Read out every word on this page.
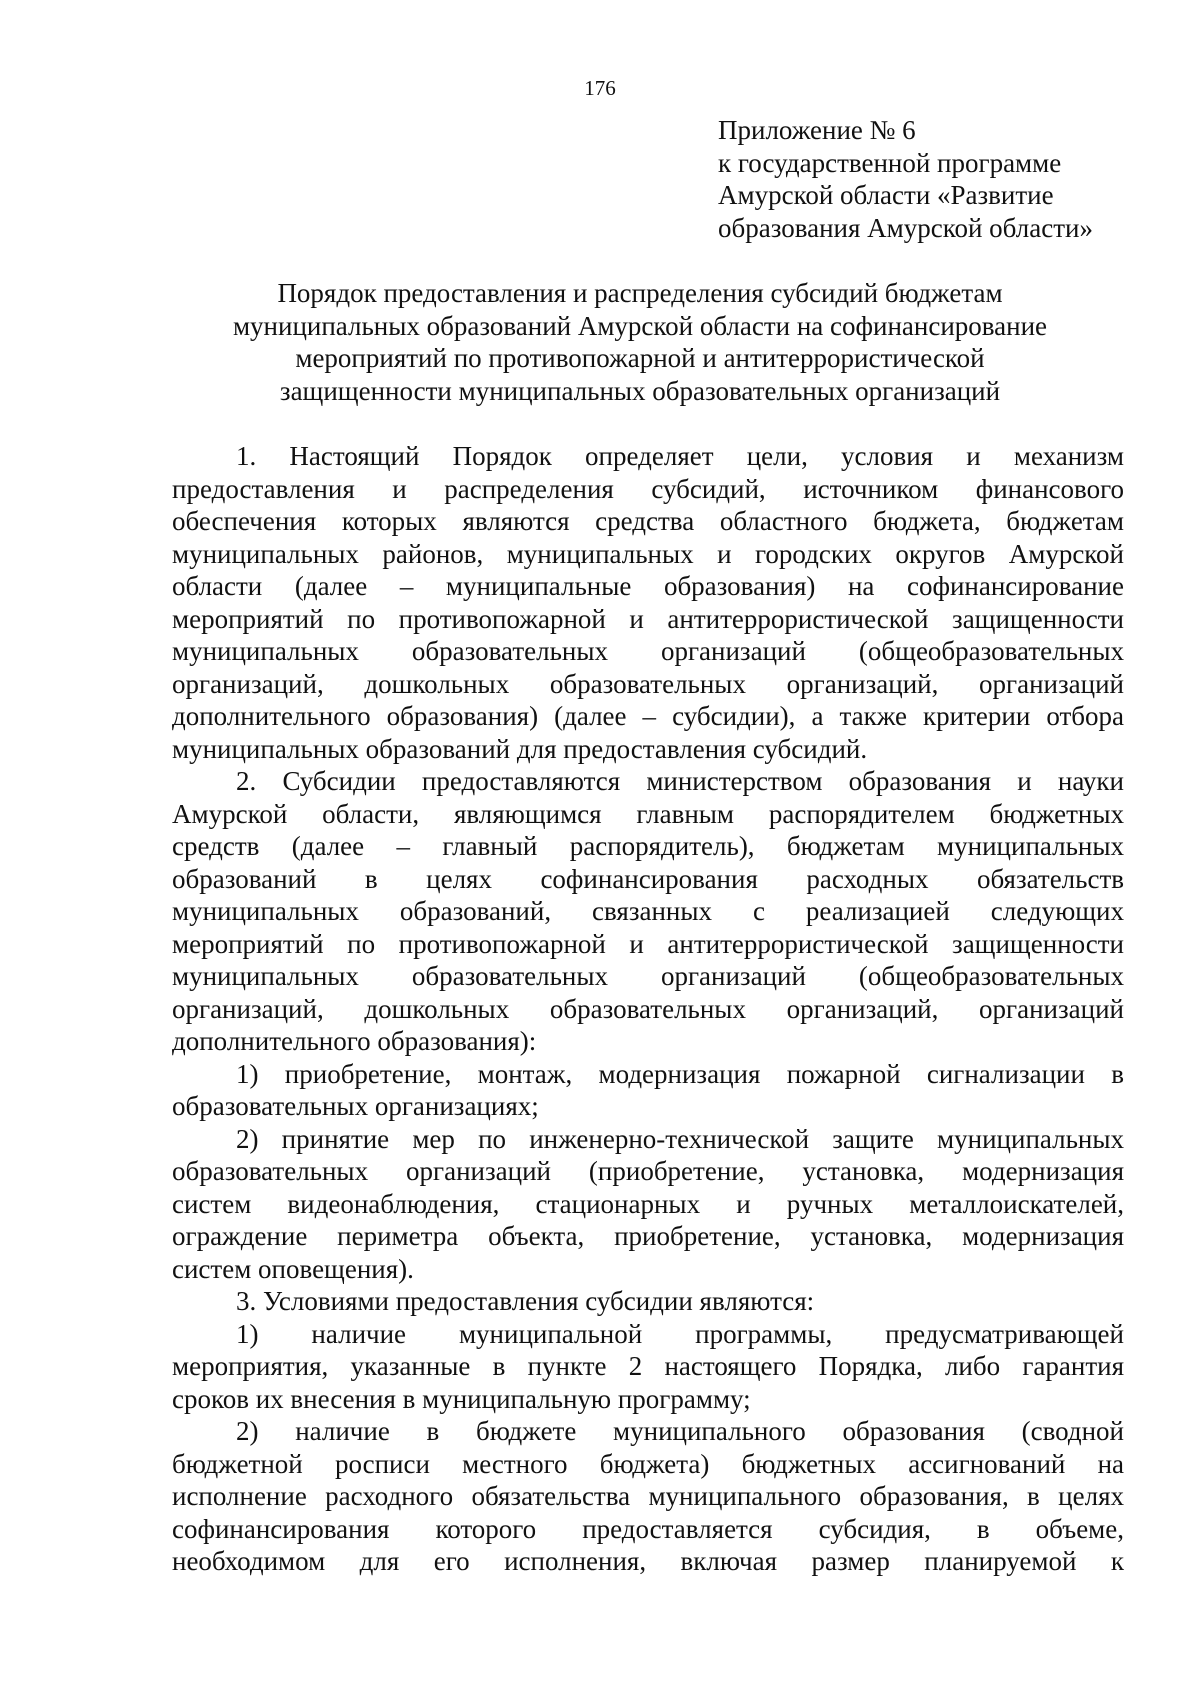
176
Приложение № 6
к государственной программе
Амурской области «Развитие
образования Амурской области»
Порядок предоставления и распределения субсидий бюджетам
муниципальных образований Амурской области на софинансирование
мероприятий по противопожарной и антитеррористической
защищенности муниципальных образовательных организаций
1. Настоящий Порядок определяет цели, условия и механизм
предоставления и распределения субсидий, источником финансового
обеспечения которых являются средства областного бюджета, бюджетам
муниципальных районов, муниципальных и городских округов Амурской
области (далее – муниципальные образования) на софинансирование
мероприятий по противопожарной и антитеррористической защищенности
муниципальных образовательных организаций (общеобразовательных
организаций, дошкольных образовательных организаций, организаций
дополнительного образования) (далее – субсидии), а также критерии отбора
муниципальных образований для предоставления субсидий.
2. Субсидии предоставляются министерством образования и науки
Амурской области, являющимся главным распорядителем бюджетных
средств (далее – главный распорядитель), бюджетам муниципальных
образований в целях софинансирования расходных обязательств
муниципальных образований, связанных с реализацией следующих
мероприятий по противопожарной и антитеррористической защищенности
муниципальных образовательных организаций (общеобразовательных
организаций, дошкольных образовательных организаций, организаций
дополнительного образования):
1) приобретение, монтаж, модернизация пожарной сигнализации в
образовательных организациях;
2) принятие мер по инженерно-технической защите муниципальных
образовательных организаций (приобретение, установка, модернизация
систем видеонаблюдения, стационарных и ручных металлоискателей,
ограждение периметра объекта, приобретение, установка, модернизация
систем оповещения).
3. Условиями предоставления субсидии являются:
1) наличие муниципальной программы, предусматривающей
мероприятия, указанные в пункте 2 настоящего Порядка, либо гарантия
сроков их внесения в муниципальную программу;
2) наличие в бюджете муниципального образования (сводной
бюджетной росписи местного бюджета) бюджетных ассигнований на
исполнение расходного обязательства муниципального образования, в целях
софинансирования которого предоставляется субсидия, в объеме,
необходимом для его исполнения, включая размер планируемой к
